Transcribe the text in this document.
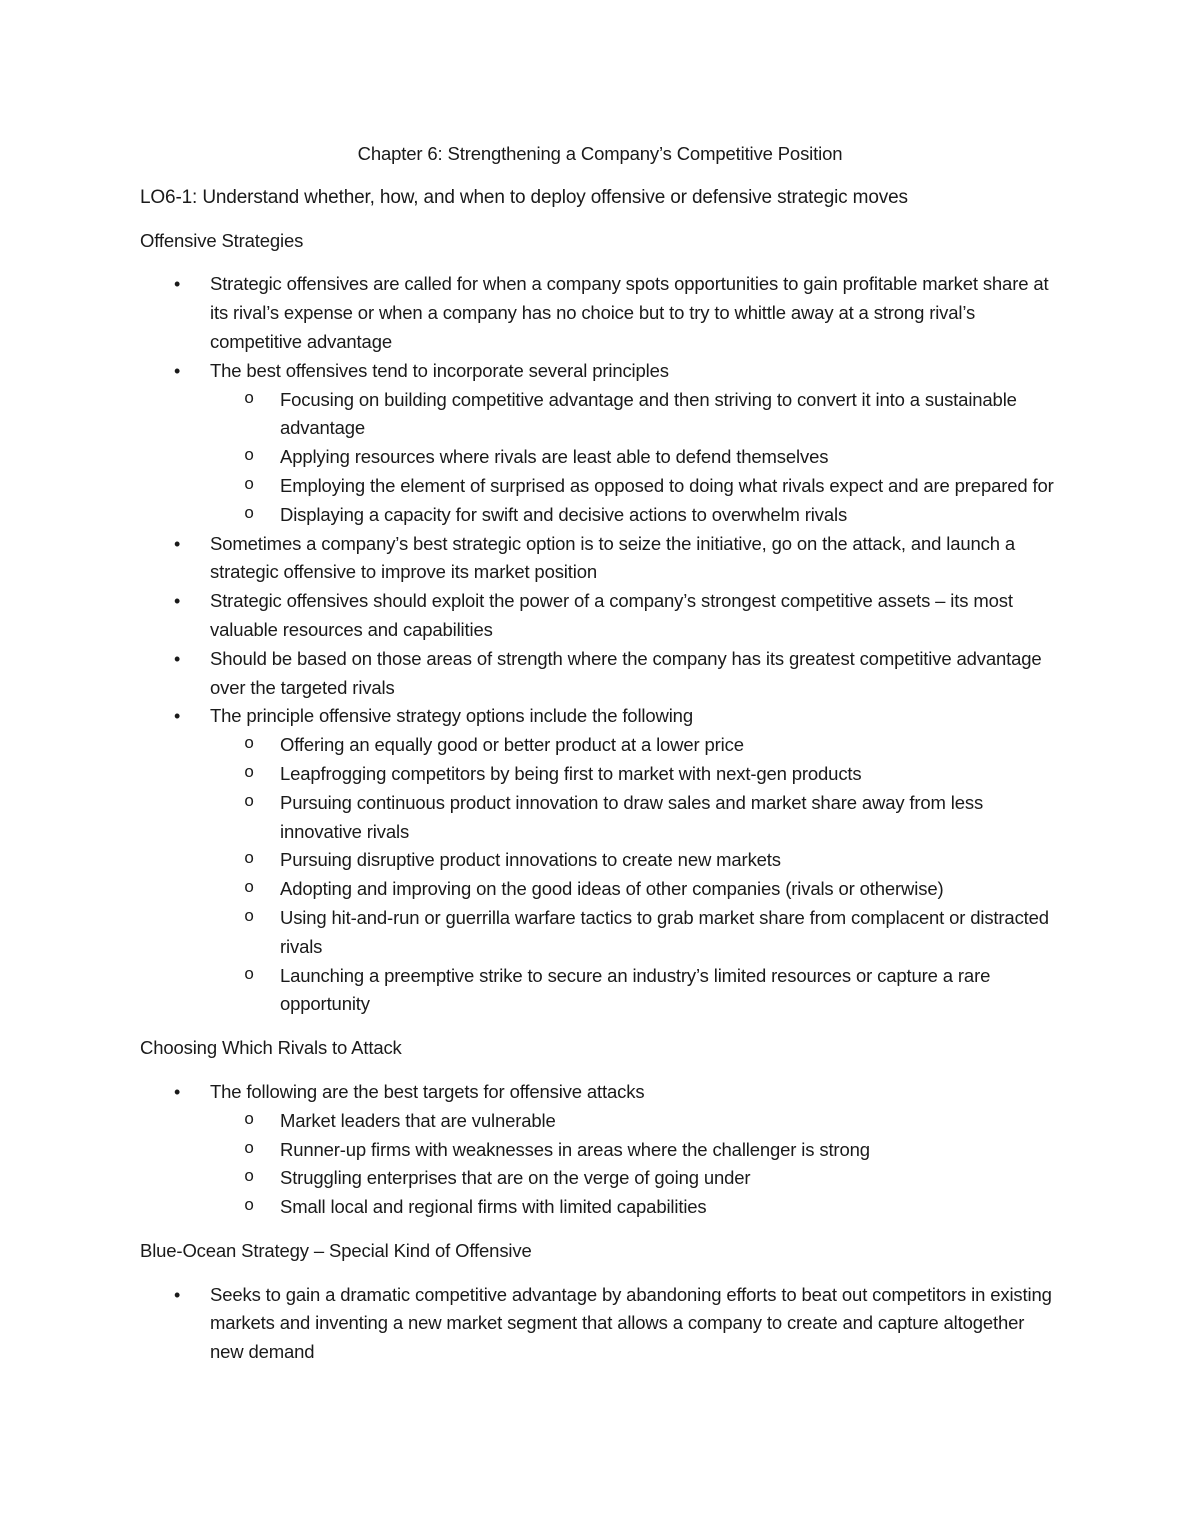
Chapter 6: Strengthening a Company’s Competitive Position
LO6-1: Understand whether, how, and when to deploy offensive or defensive strategic moves
Offensive Strategies
• Strategic offensives are called for when a company spots opportunities to gain profitable market share at its rival’s expense or when a company has no choice but to try to whittle away at a strong rival’s competitive advantage
• The best offensives tend to incorporate several principles
o Focusing on building competitive advantage and then striving to convert it into a sustainable advantage
o Applying resources where rivals are least able to defend themselves
o Employing the element of surprised as opposed to doing what rivals expect and are prepared for
o Displaying a capacity for swift and decisive actions to overwhelm rivals
• Sometimes a company’s best strategic option is to seize the initiative, go on the attack, and launch a strategic offensive to improve its market position
• Strategic offensives should exploit the power of a company’s strongest competitive assets – its most valuable resources and capabilities
• Should be based on those areas of strength where the company has its greatest competitive advantage over the targeted rivals
• The principle offensive strategy options include the following
o Offering an equally good or better product at a lower price
o Leapfrogging competitors by being first to market with next-gen products
o Pursuing continuous product innovation to draw sales and market share away from less innovative rivals
o Pursuing disruptive product innovations to create new markets
o Adopting and improving on the good ideas of other companies (rivals or otherwise)
o Using hit-and-run or guerrilla warfare tactics to grab market share from complacent or distracted rivals
o Launching a preemptive strike to secure an industry’s limited resources or capture a rare opportunity
Choosing Which Rivals to Attack
• The following are the best targets for offensive attacks
o Market leaders that are vulnerable
o Runner-up firms with weaknesses in areas where the challenger is strong
o Struggling enterprises that are on the verge of going under
o Small local and regional firms with limited capabilities
Blue-Ocean Strategy – Special Kind of Offensive
• Seeks to gain a dramatic competitive advantage by abandoning efforts to beat out competitors in existing markets and inventing a new market segment that allows a company to create and capture altogether new demand
